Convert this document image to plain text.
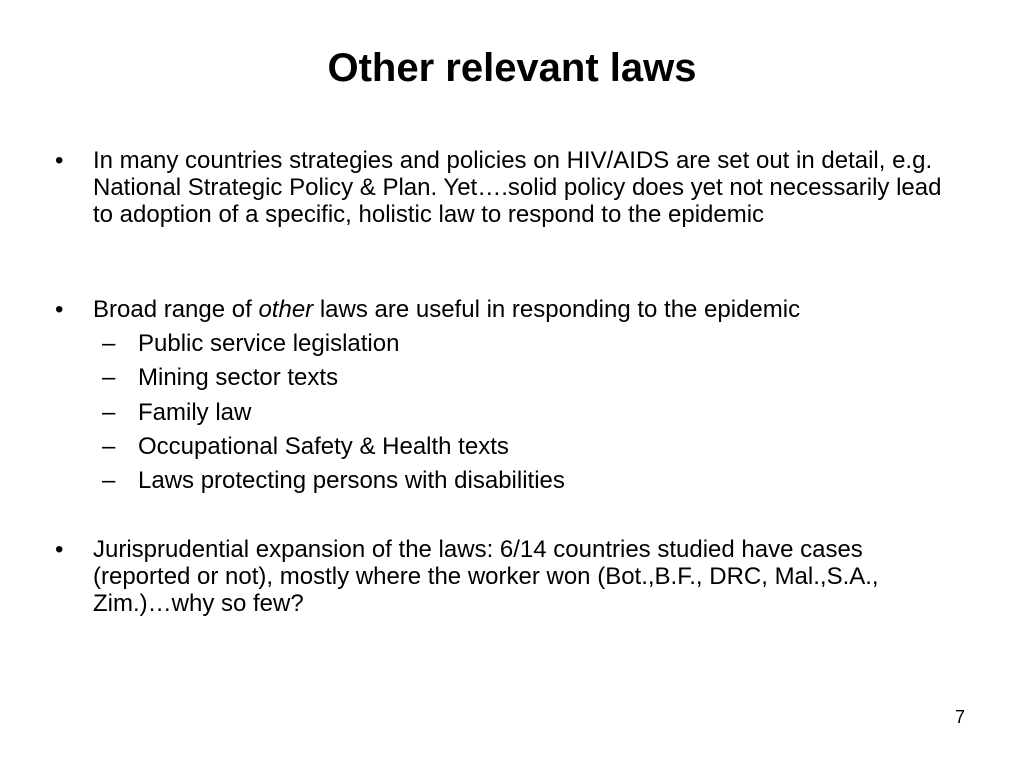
Other relevant laws
• In many countries strategies and policies on HIV/AIDS are set out in detail, e.g. National Strategic Policy & Plan. Yet….solid policy does yet not necessarily lead to adoption of a specific, holistic law to respond to the epidemic
• Broad range of other laws are useful in responding to the epidemic
– Public service legislation
– Mining sector texts
– Family law
– Occupational Safety & Health texts
– Laws protecting persons with disabilities
• Jurisprudential expansion of the laws: 6/14 countries studied have cases (reported or not), mostly where the worker won (Bot.,B.F., DRC, Mal.,S.A., Zim.)…why so few?
7
